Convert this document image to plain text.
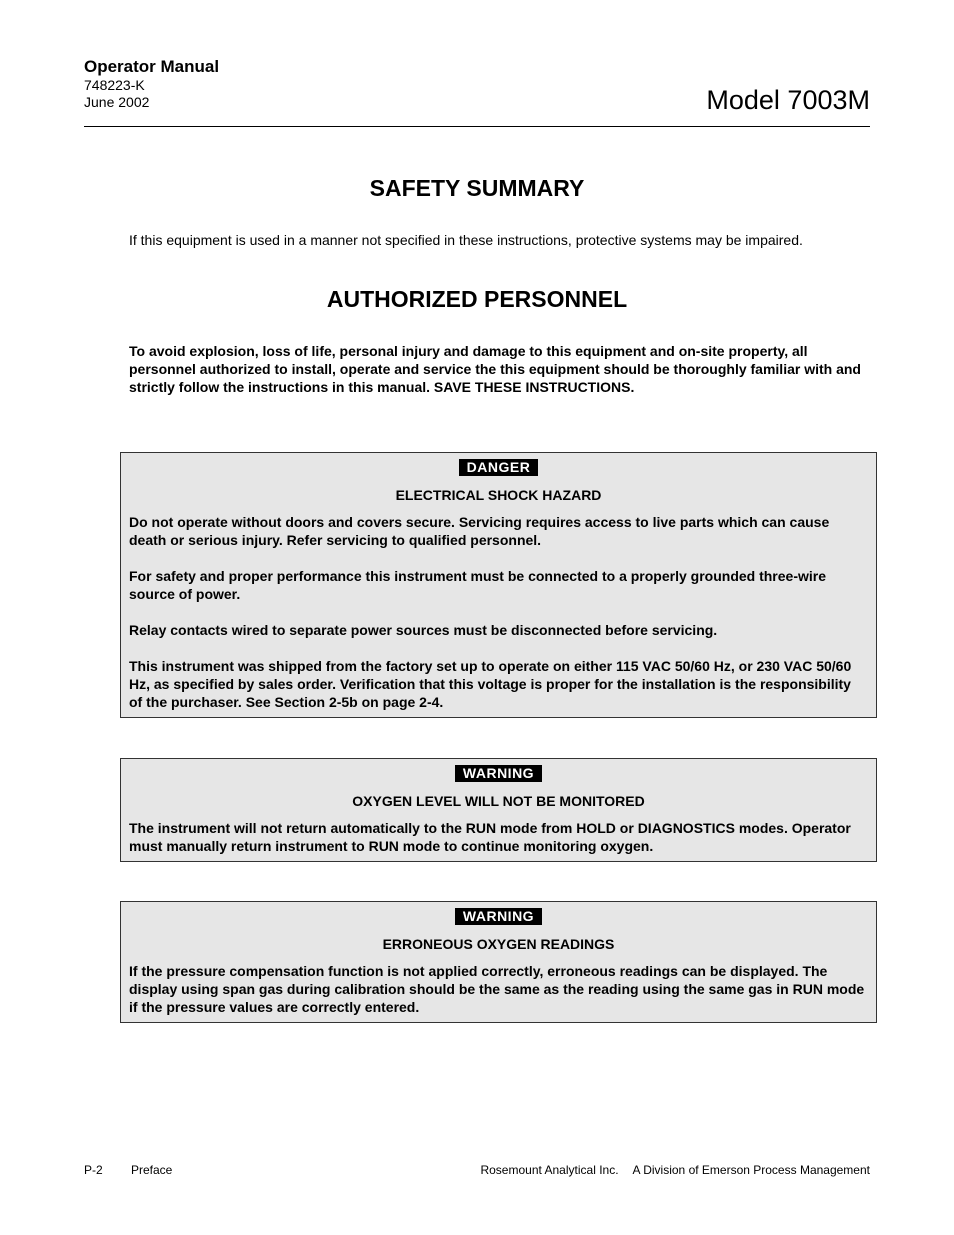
Operator Manual
748223-K
June 2002	Model 7003M
SAFETY SUMMARY
If this equipment is used in a manner not specified in these instructions, protective systems may be impaired.
AUTHORIZED PERSONNEL
To avoid explosion, loss of life, personal injury and damage to this equipment and on-site property, all personnel authorized to install, operate and service the this equipment should be thoroughly familiar with and strictly follow the instructions in this manual. SAVE THESE INSTRUCTIONS.
DANGER
ELECTRICAL SHOCK HAZARD

Do not operate without doors and covers secure. Servicing requires access to live parts which can cause death or serious injury. Refer servicing to qualified personnel.

For safety and proper performance this instrument must be connected to a properly grounded three-wire source of power.

Relay contacts wired to separate power sources must be disconnected before servicing.

This instrument was shipped from the factory set up to operate on either 115 VAC 50/60 Hz, or 230 VAC 50/60 Hz, as specified by sales order. Verification that this voltage is proper for the installation is the responsibility of the purchaser. See Section 2-5b on page 2-4.

WARNING
OXYGEN LEVEL WILL NOT BE MONITORED

The instrument will not return automatically to the RUN mode from HOLD or DIAGNOSTICS modes. Operator must manually return instrument to RUN mode to continue monitoring oxygen.

WARNING
ERRONEOUS OXYGEN READINGS

If the pressure compensation function is not applied correctly, erroneous readings can be displayed. The display using span gas during calibration should be the same as the reading using the same gas in RUN mode if the pressure values are correctly entered.

P-2 Preface	Rosemount Analytical Inc. A Division of Emerson Process Management
